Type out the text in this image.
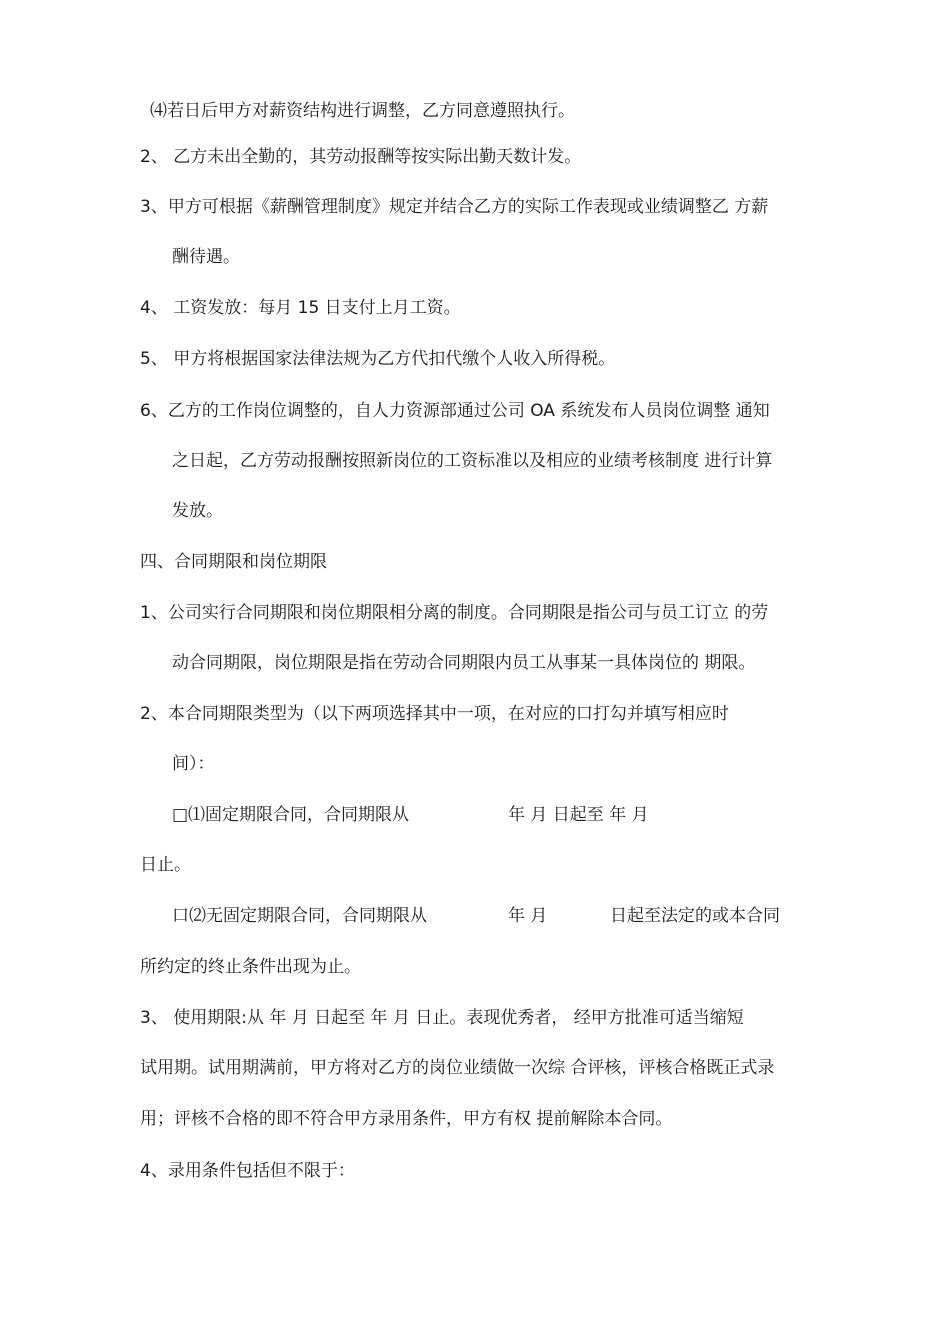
⑷若日后甲方对薪资结构进行调整，乙方同意遵照执行。
2、 乙方未出全勤的，其劳动报酬等按实际出勤天数计发。
3、甲方可根据《薪酬管理制度》规定并结合乙方的实际工作表现或业绩调整乙 方薪
酬待遇。
4、 工资发放：每月 15 日支付上月工资。
5、 甲方将根据国家法律法规为乙方代扣代缴个人收入所得税。
6、乙方的工作岗位调整的，自人力资源部通过公司 OA 系统发布人员岗位调整 通知
之日起，乙方劳动报酬按照新岗位的工资标准以及相应的业绩考核制度 进行计算
发放。
四、合同期限和岗位期限
1、公司实行合同期限和岗位期限相分离的制度。合同期限是指公司与员工订立 的劳
动合同期限，岗位期限是指在劳动合同期限内员工从事某一具体岗位的 期限。
2、本合同期限类型为（以下两项选择其中一项，在对应的口打勾并填写相应时
间）：
□⑴固定期限合同，合同期限从	年 月 日起至 年 月
日止。
口⑵无固定期限合同，合同期限从	年 月	日起至法定的或本合同
所约定的终止条件出现为止。
3、 使用期限:从 年 月 日起至 年 月 日止。表现优秀者， 经甲方批准可适当缩短
试用期。试用期满前，甲方将对乙方的岗位业绩做一次综 合评核，评核合格既正式录
用；评核不合格的即不符合甲方录用条件，甲方有权 提前解除本合同。
4、录用条件包括但不限于：
